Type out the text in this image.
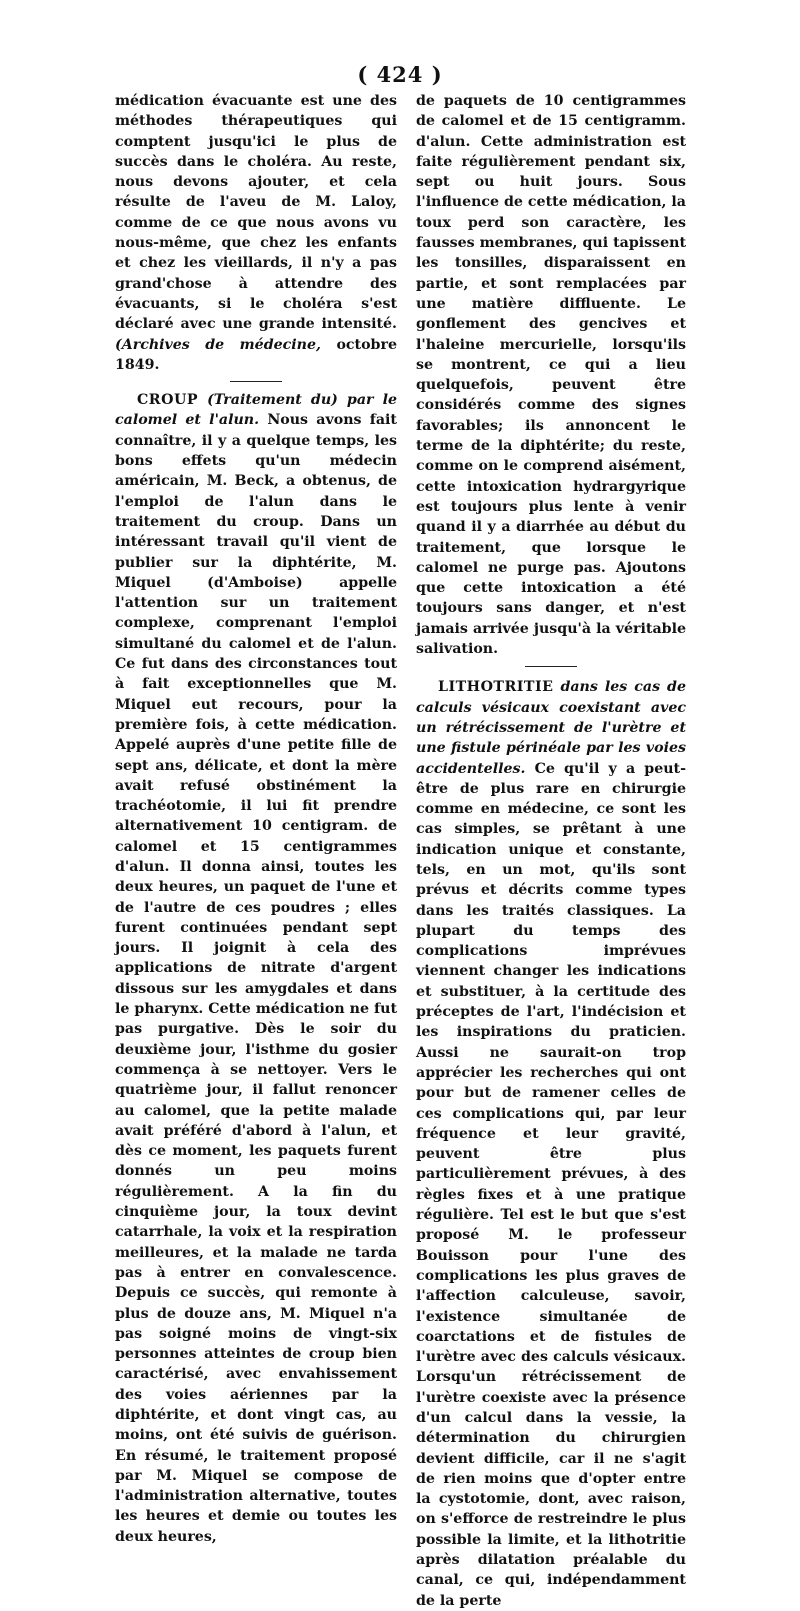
( 424 )

médication évacuante est une des méthodes thérapeutiques qui comptent jusqu'ici le plus de succès dans le choléra. Au reste, nous devons ajouter, et cela résulte de l'aveu de M. Laloy, comme de ce que nous avons vu nous-même, que chez les enfants et chez les vieillards, il n'y a pas grand'chose à attendre des évacuants, si le choléra s'est déclaré avec une grande intensité. (Archives de médecine, octobre 1849.

CROUP (Traitement du) par le calomel et l'alun. Nous avons fait connaître, il y a quelque temps, les bons effets qu'un médecin américain, M. Beck, a obtenus, de l'emploi de l'alun dans le traitement du croup. Dans un intéressant travail qu'il vient de publier sur la diphtérite, M. Miquel (d'Amboise) appelle l'attention sur un traitement complexe, comprenant l'emploi simultané du calomel et de l'alun. Ce fut dans des circonstances tout à fait exceptionnelles que M. Miquel eut recours, pour la première fois, à cette médication. Appelé auprès d'une petite fille de sept ans, délicate, et dont la mère avait refusé obstinément la trachéotomie, il lui fit prendre alternativement 10 centigram. de calomel et 15 centigrammes d'alun. Il donna ainsi, toutes les deux heures, un paquet de l'une et de l'autre de ces poudres ; elles furent continuées pendant sept jours. Il joignit à cela des applications de nitrate d'argent dissous sur les amygdales et dans le pharynx. Cette médication ne fut pas purgative. Dès le soir du deuxième jour, l'isthme du gosier commença à se nettoyer. Vers le quatrième jour, il fallut renoncer au calomel, que la petite malade avait préféré d'abord à l'alun, et dès ce moment, les paquets furent donnés un peu moins régulièrement. A la fin du cinquième jour, la toux devint catarrhale, la voix et la respiration meilleures, et la malade ne tarda pas à entrer en convalescence. Depuis ce succès, qui remonte à plus de douze ans, M. Miquel n'a pas soigné moins de vingt-six personnes atteintes de croup bien caractérisé, avec envahissement des voies aériennes par la diphtérite, et dont vingt cas, au moins, ont été suivis de guérison. En résumé, le traitement proposé par M. Miquel se compose de l'administration alternative, toutes les heures et demie ou toutes les deux heures,

de paquets de 10 centigrammes de calomel et de 15 centigramm. d'alun. Cette administration est faite régulièrement pendant six, sept ou huit jours. Sous l'influence de cette médication, la toux perd son caractère, les fausses membranes, qui tapissent les tonsilles, disparaissent en partie, et sont remplacées par une matière diffluente. Le gonflement des gencives et l'haleine mercurielle, lorsqu'ils se montrent, ce qui a lieu quelquefois, peuvent être considérés comme des signes favorables; ils annoncent le terme de la diphtérite; du reste, comme on le comprend aisément, cette intoxication hydrargyrique est toujours plus lente à venir quand il y a diarrhée au début du traitement, que lorsque le calomel ne purge pas. Ajoutons que cette intoxication a été toujours sans danger, et n'est jamais arrivée jusqu'à la véritable salivation.

LITHOTRITIE dans les cas de calculs vésicaux coexistant avec un rétrécissement de l'urètre et une fistule périnéale par les voies accidentelles. Ce qu'il y a peut-être de plus rare en chirurgie comme en médecine, ce sont les cas simples, se prêtant à une indication unique et constante, tels, en un mot, qu'ils sont prévus et décrits comme types dans les traités classiques. La plupart du temps des complications imprévues viennent changer les indications et substituer, à la certitude des préceptes de l'art, l'indécision et les inspirations du praticien. Aussi ne saurait-on trop apprécier les recherches qui ont pour but de ramener celles de ces complications qui, par leur fréquence et leur gravité, peuvent être plus particulièrement prévues, à des règles fixes et à une pratique régulière. Tel est le but que s'est proposé M. le professeur Bouisson pour l'une des complications les plus graves de l'affection calculeuse, savoir, l'existence simultanée de coarctations et de fistules de l'urètre avec des calculs vésicaux. Lorsqu'un rétrécissement de l'urètre coexiste avec la présence d'un calcul dans la vessie, la détermination du chirurgien devient difficile, car il ne s'agit de rien moins que d'opter entre la cystotomie, dont, avec raison, on s'efforce de restreindre le plus possible la limite, et la lithotritie après dilatation préalable du canal, ce qui, indépendamment de la perte
